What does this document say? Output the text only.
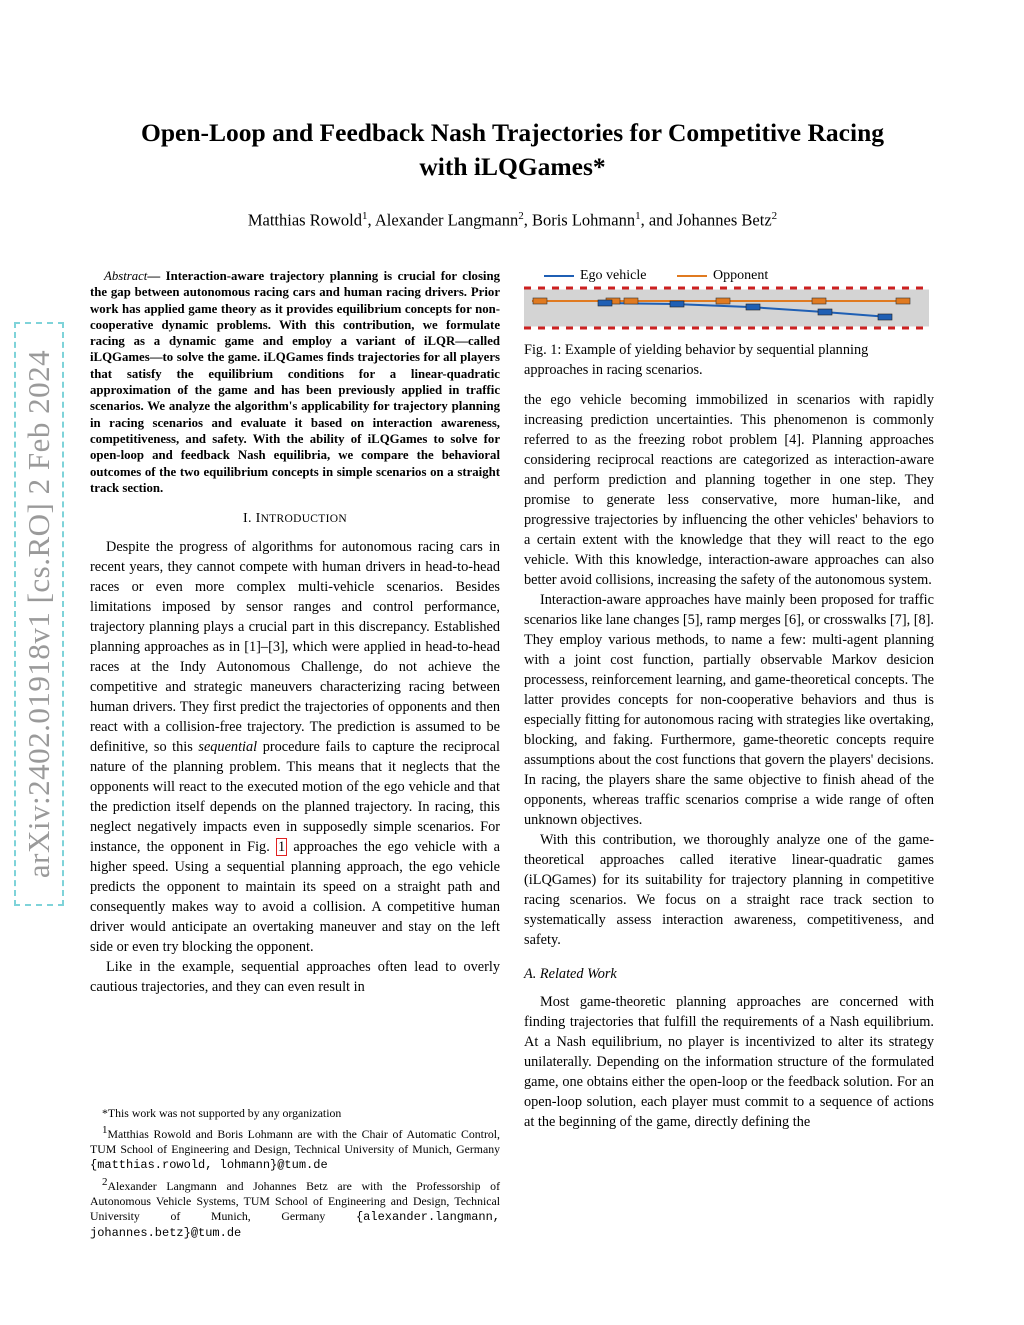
arXiv:2402.01918v1 [cs.RO] 2 Feb 2024
Open-Loop and Feedback Nash Trajectories for Competitive Racing
with iLQGames*
Matthias Rowold$^1$, Alexander Langmann$^2$, Boris Lohmann$^1$, and Johannes Betz$^2$

Abstract— Interaction-aware trajectory planning is crucial for closing the gap between autonomous racing cars and human racing drivers. Prior work has applied game theory as it provides equilibrium concepts for non-cooperative dynamic problems. With this contribution, we formulate racing as a dynamic game and employ a variant of iLQR—called iLQGames—to solve the game. iLQGames finds trajectories for all players that satisfy the equilibrium conditions for a linear-quadratic approximation of the game and has been previously applied in traffic scenarios. We analyze the algorithm's applicability for trajectory planning in racing scenarios and evaluate it based on interaction awareness, competitiveness, and safety. With the ability of iLQGames to solve for open-loop and feedback Nash equilibria, we compare the behavioral outcomes of the two equilibrium concepts in simple scenarios on a straight track section.

I. INTRODUCTION

Despite the progress of algorithms for autonomous racing cars in recent years, they cannot compete with human drivers in head-to-head races or even more complex multi-vehicle scenarios. Besides limitations imposed by sensor ranges and control performance, trajectory planning plays a crucial part in this discrepancy. Established planning approaches as in [1]–[3], which were applied in head-to-head races at the Indy Autonomous Challenge, do not achieve the competitive and strategic maneuvers characterizing racing between human drivers. They first predict the trajectories of opponents and then react with a collision-free trajectory. The prediction is assumed to be definitive, so this sequential procedure fails to capture the reciprocal nature of the planning problem. This means that it neglects that the opponents will react to the executed motion of the ego vehicle and that the prediction itself depends on the planned trajectory. In racing, this neglect negatively impacts even in supposedly simple scenarios. For instance, the opponent in Fig. 1 approaches the ego vehicle with a higher speed. Using a sequential planning approach, the ego vehicle predicts the opponent to maintain its speed on a straight path and consequently makes way to avoid a collision. A competitive human driver would anticipate an overtaking maneuver and stay on the left side or even try blocking the opponent.

Like in the example, sequential approaches often lead to overly cautious trajectories, and they can even result in

*This work was not supported by any organization

$^1$Matthias Rowold and Boris Lohmann are with the Chair of Automatic Control, TUM School of Engineering and Design, Technical University of Munich, Germany {matthias.rowold, lohmann}@tum.de

$^2$Alexander Langmann and Johannes Betz are with the Professorship of Autonomous Vehicle Systems, TUM School of Engineering and Design, Technical University of Munich, Germany {alexander.langmann, johannes.betz}@tum.de

Ego vehicle	Opponent

Fig. 1: Example of yielding behavior by sequential planning approaches in racing scenarios.

the ego vehicle becoming immobilized in scenarios with rapidly increasing prediction uncertainties. This phenomenon is commonly referred to as the freezing robot problem [4]. Planning approaches considering reciprocal reactions are categorized as interaction-aware and perform prediction and planning together in one step. They promise to generate less conservative, more human-like, and progressive trajectories by influencing the other vehicles' behaviors to a certain extent with the knowledge that they will react to the ego vehicle. With this knowledge, interaction-aware approaches can also better avoid collisions, increasing the safety of the autonomous system.

Interaction-aware approaches have mainly been proposed for traffic scenarios like lane changes [5], ramp merges [6], or crosswalks [7], [8]. They employ various methods, to name a few: multi-agent planning with a joint cost function, partially observable Markov desicion processess, reinforcement learning, and game-theoretical concepts. The latter provides concepts for non-cooperative behaviors and thus is especially fitting for autonomous racing with strategies like overtaking, blocking, and faking. Furthermore, game-theoretic concepts require assumptions about the cost functions that govern the players' decisions. In racing, the players share the same objective to finish ahead of the opponents, whereas traffic scenarios comprise a wide range of often unknown objectives.

With this contribution, we thoroughly analyze one of the game-theoretical approaches called iterative linear-quadratic games (iLQGames) for its suitability for trajectory planning in competitive racing scenarios. We focus on a straight race track section to systematically assess interaction awareness, competitiveness, and safety.

A. Related Work

Most game-theoretic planning approaches are concerned with finding trajectories that fulfill the requirements of a Nash equilibrium. At a Nash equilibrium, no player is incentivized to alter its strategy unilaterally. Depending on the information structure of the formulated game, one obtains either the open-loop or the feedback solution. For an open-loop solution, each player must commit to a sequence of actions at the beginning of the game, directly defining the
